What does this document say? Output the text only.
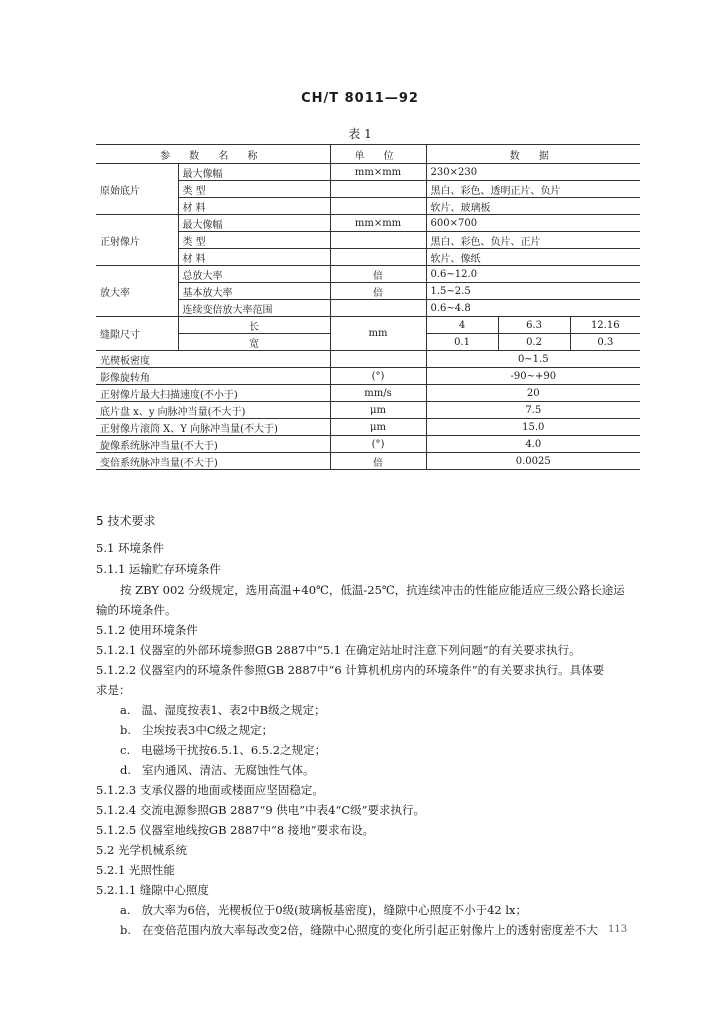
CH/T 8011—92
表 1
参 数 名 称		单 位	数 据		
原始底片	最大像幅	mm×mm	230×230		
	类 型		黑白、彩色、透明正片、负片		
	材 料		软片、玻璃板		
正射像片	最大像幅	mm×mm	600×700		
	类 型		黑白、彩色、负片、正片		
	材 料		软片、像纸		
放大率	总放大率	倍	0.6~12.0		
	基本放大率	倍	1.5~2.5		
	连续变倍放大率范围		0.6~4.8		
缝隙尺寸	长	mm	4	6.3	12.16
	宽		0.1	0.2	0.3
光楔板密度			0~1.5		
影像旋转角		(°)	-90~+90		
正射像片最大扫描速度(不小于)		mm/s	20		
底片盘 x、y 向脉冲当量(不大于)		μm	7.5		
正射像片滚筒 X、Y 向脉冲当量(不大于)		μm	15.0		
旋像系统脉冲当量(不大于)		(°)	4.0		
变倍系统脉冲当量(不大于)		倍	0.0025		
5 技术要求
5.1 环境条件
5.1.1 运输贮存环境条件
按 ZBY 002 分级规定，选用高温+40℃，低温-25℃，抗连续冲击的性能应能适应三级公路长途运
输的环境条件。
5.1.2 使用环境条件
5.1.2.1 仪器室的外部环境参照GB 2887中“5.1 在确定站址时注意下列问题”的有关要求执行。
5.1.2.2 仪器室内的环境条件参照GB 2887中“6 计算机机房内的环境条件”的有关要求执行。具体要
求是：
a. 温、湿度按表1、表2中B级之规定；
b. 尘埃按表3中C级之规定；
c. 电磁场干扰按6.5.1、6.5.2之规定；
d. 室内通风、清洁、无腐蚀性气体。
5.1.2.3 支承仪器的地面或楼面应坚固稳定。
5.1.2.4 交流电源参照GB 2887“9 供电”中表4“C级”要求执行。
5.1.2.5 仪器室地线按GB 2887中“8 接地”要求布设。
5.2 光学机械系统
5.2.1 光照性能
5.2.1.1 缝隙中心照度
a. 放大率为6倍，光楔板位于0级(玻璃板基密度)，缝隙中心照度不小于42 lx；
b. 在变倍范围内放大率每改变2倍，缝隙中心照度的变化所引起正射像片上的透射密度差不大 113
